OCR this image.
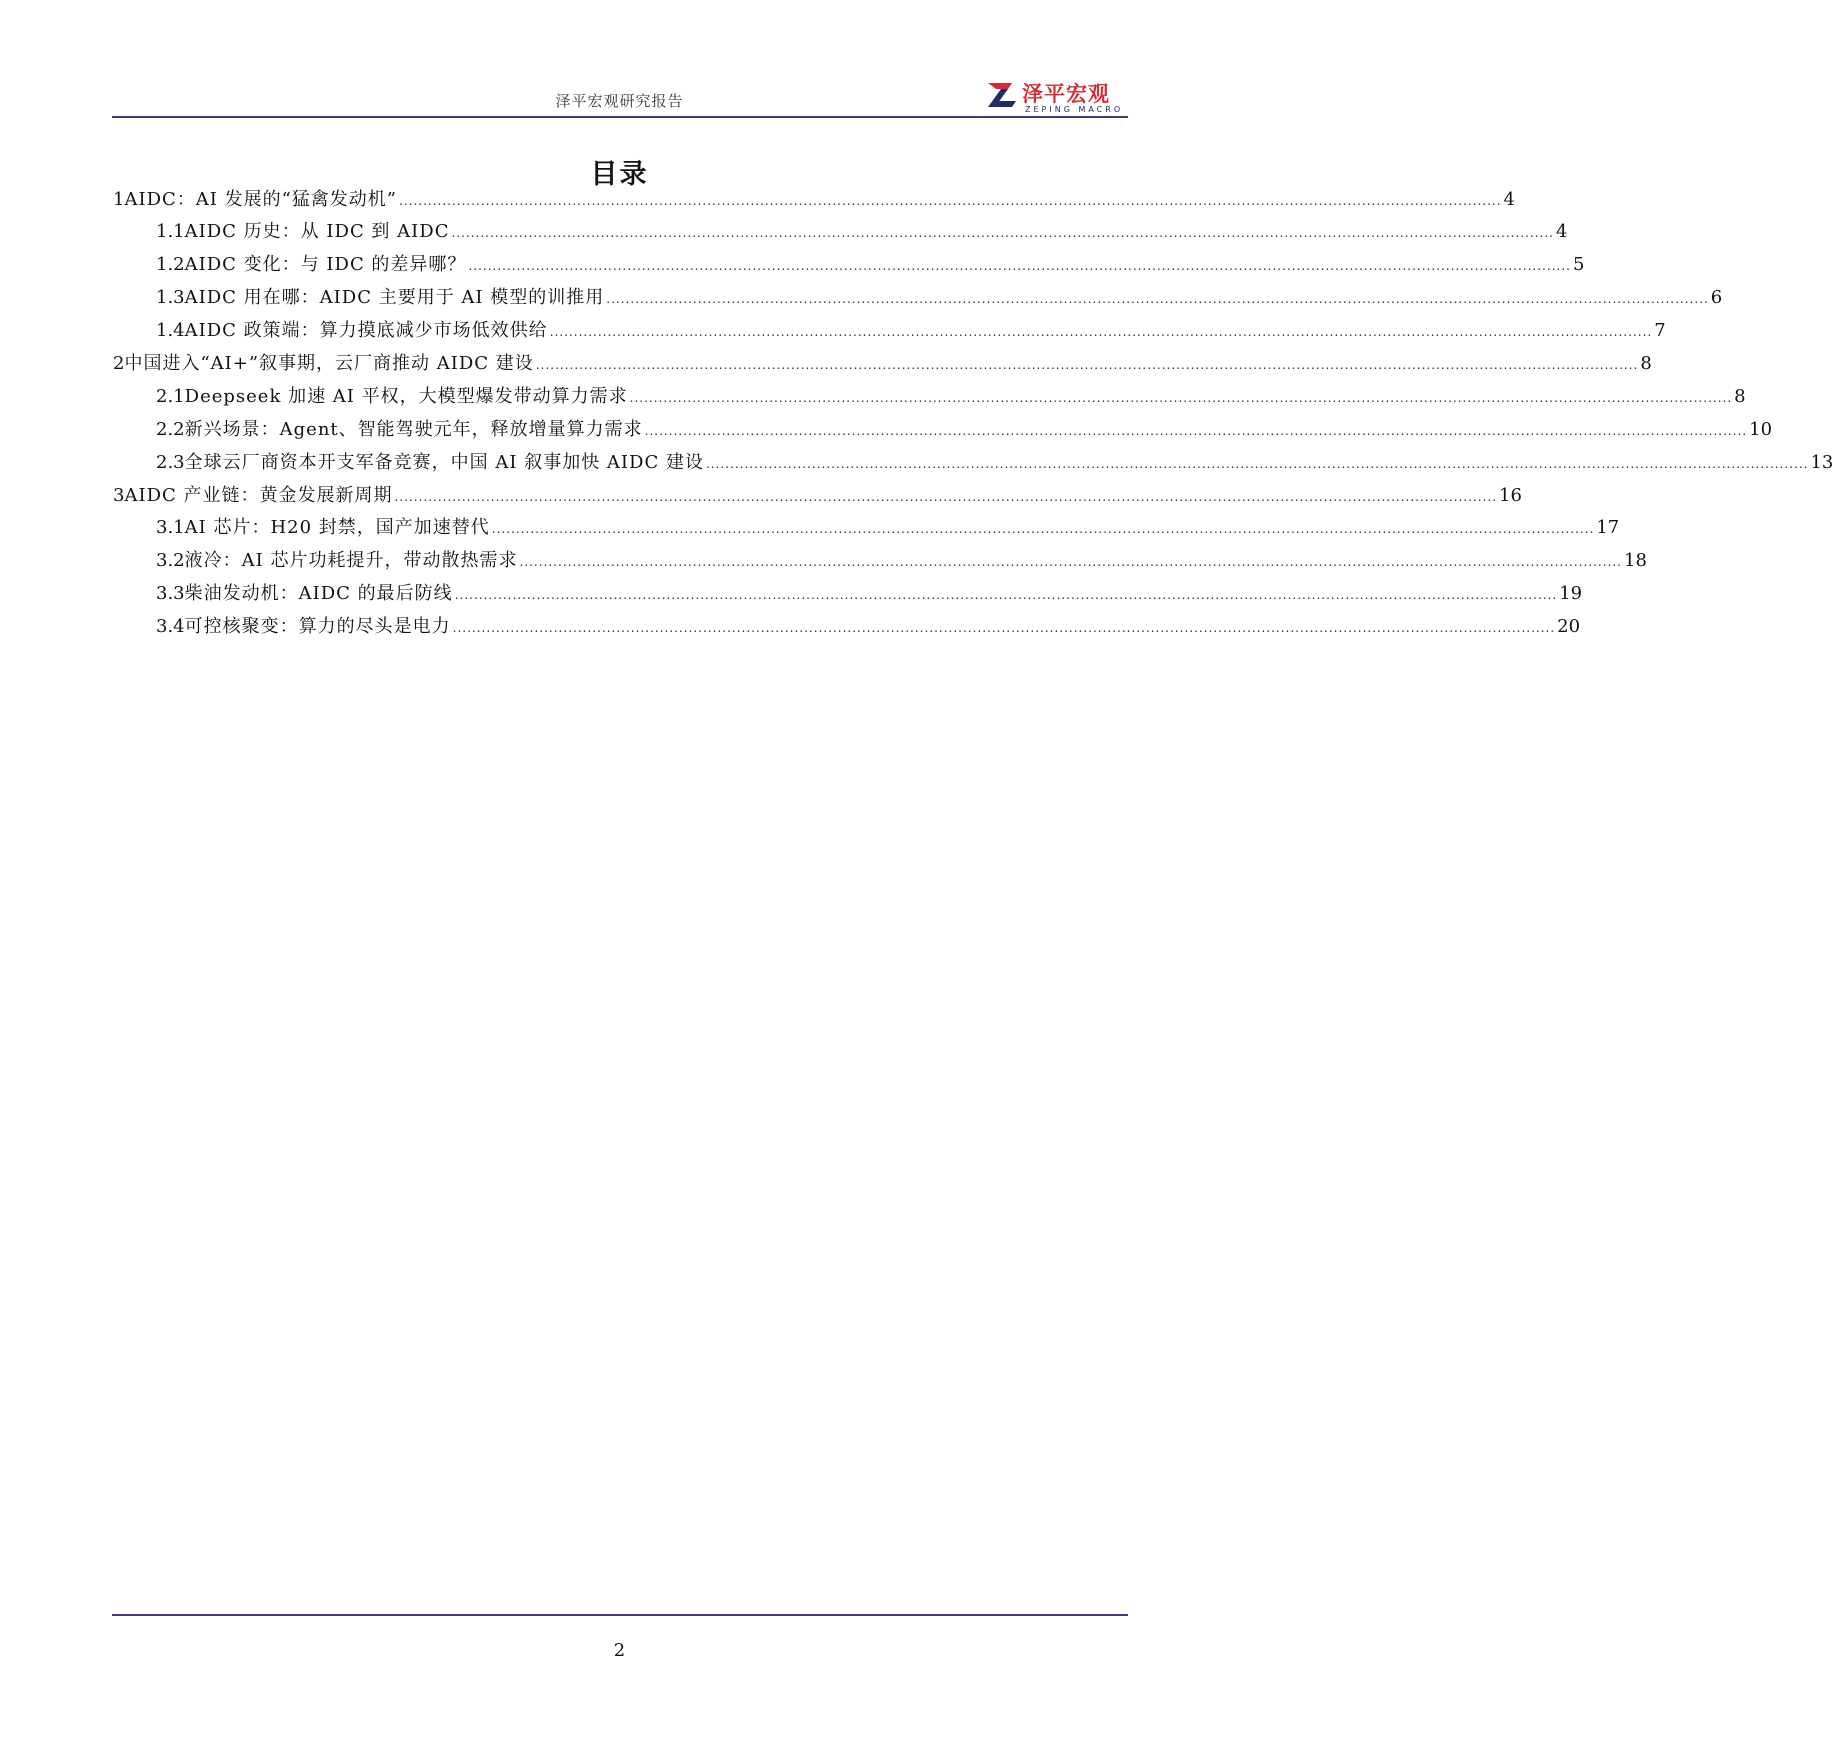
泽平宏观研究报告	泽平宏观
ZEPING MACRO
目录
1 AIDC：AI 发展的“猛禽发动机” ..................................................................................................................................................................................................................................... 4
1.1 AIDC 历史：从 IDC 到 AIDC ..................................................................................................................................................................................................................................... 4
1.2 AIDC 变化：与 IDC 的差异哪？ ..................................................................................................................................................................................................................................... 5
1.3 AIDC 用在哪：AIDC 主要用于 AI 模型的训推用 ..................................................................................................................................................................................................................................... 6
1.4 AIDC 政策端：算力摸底减少市场低效供给 ..................................................................................................................................................................................................................................... 7
2 中国进入“AI+”叙事期，云厂商推动 AIDC 建设 ..................................................................................................................................................................................................................................... 8
2.1 Deepseek 加速 AI 平权，大模型爆发带动算力需求 ..................................................................................................................................................................................................................................... 8
2.2 新兴场景：Agent、智能驾驶元年，释放增量算力需求 ..................................................................................................................................................................................................................................... 10
2.3 全球云厂商资本开支军备竞赛，中国 AI 叙事加快 AIDC 建设 ..................................................................................................................................................................................................................................... 13
3 AIDC 产业链：黄金发展新周期 ..................................................................................................................................................................................................................................... 16
3.1 AI 芯片：H20 封禁，国产加速替代 ..................................................................................................................................................................................................................................... 17
3.2 液冷：AI 芯片功耗提升，带动散热需求 ..................................................................................................................................................................................................................................... 18
3.3 柴油发动机：AIDC 的最后防线 ..................................................................................................................................................................................................................................... 19
3.4 可控核聚变：算力的尽头是电力 ..................................................................................................................................................................................................................................... 20
2
